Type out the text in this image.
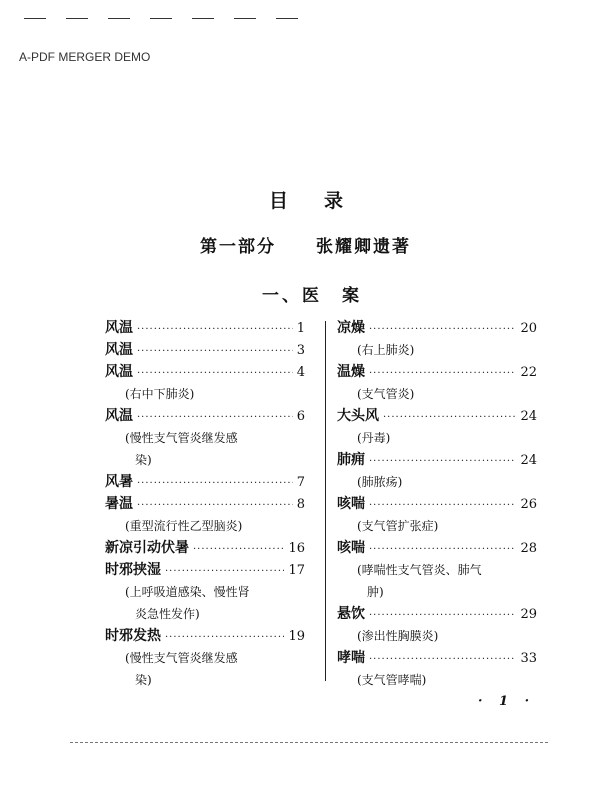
A-PDF MERGER DEMO
目录
第一部分 张耀卿遗著
一、医　案
风温 ·····	1
风温 ·····	3
风温 ·····	4
(右中下肺炎)
风温 ·····	6
(慢性支气管炎继发感
染)
风暑 ·····	7
暑温 ·····	8
(重型流行性乙型脑炎)
新凉引动伏暑 ·····	16
时邪挟湿 ·····	17
(上呼吸道感染、慢性肾
炎急性发作)
时邪发热 ·····	19
(慢性支气管炎继发感
染)
凉燥 ·····	20
(右上肺炎)
温燥 ·····	22
(支气管炎)
大头风 ·····	24
(丹毒)
肺痈 ·····	24
(肺脓疡)
咳喘 ·····	26
(支气管扩张症)
咳喘 ·····	28
(哮喘性支气管炎、肺气
肿)
悬饮 ·····	29
(渗出性胸膜炎)
哮喘 ·····	33
(支气管哮喘)
· 1 ·
